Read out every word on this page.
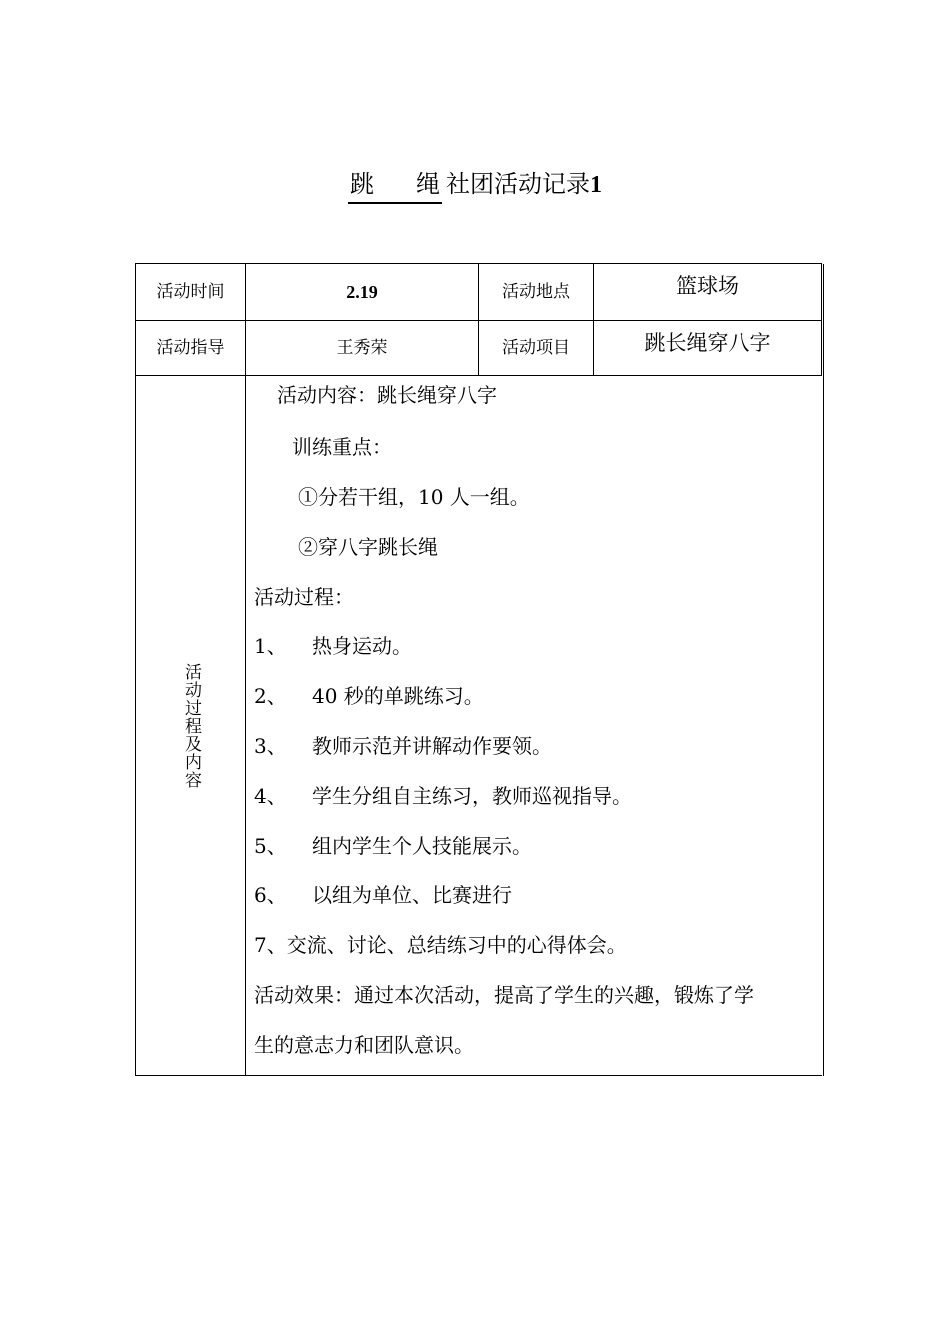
跳 绳 社团活动记录1
活动时间	2.19	活动地点	篮球场
活动指导	王秀荣	活动项目	跳长绳穿八字
活动过程及内容
活动内容：跳长绳穿八字
训练重点：
①分若干组，10 人一组。
②穿八字跳长绳
活动过程：
1、 热身运动。
2、 40 秒的单跳练习。
3、 教师示范并讲解动作要领。
4、 学生分组自主练习，教师巡视指导。
5、 组内学生个人技能展示。
6、 以组为单位、比赛进行
7、交流、讨论、总结练习中的心得体会。
活动效果：通过本次活动，提高了学生的兴趣，锻炼了学
生的意志力和团队意识。
